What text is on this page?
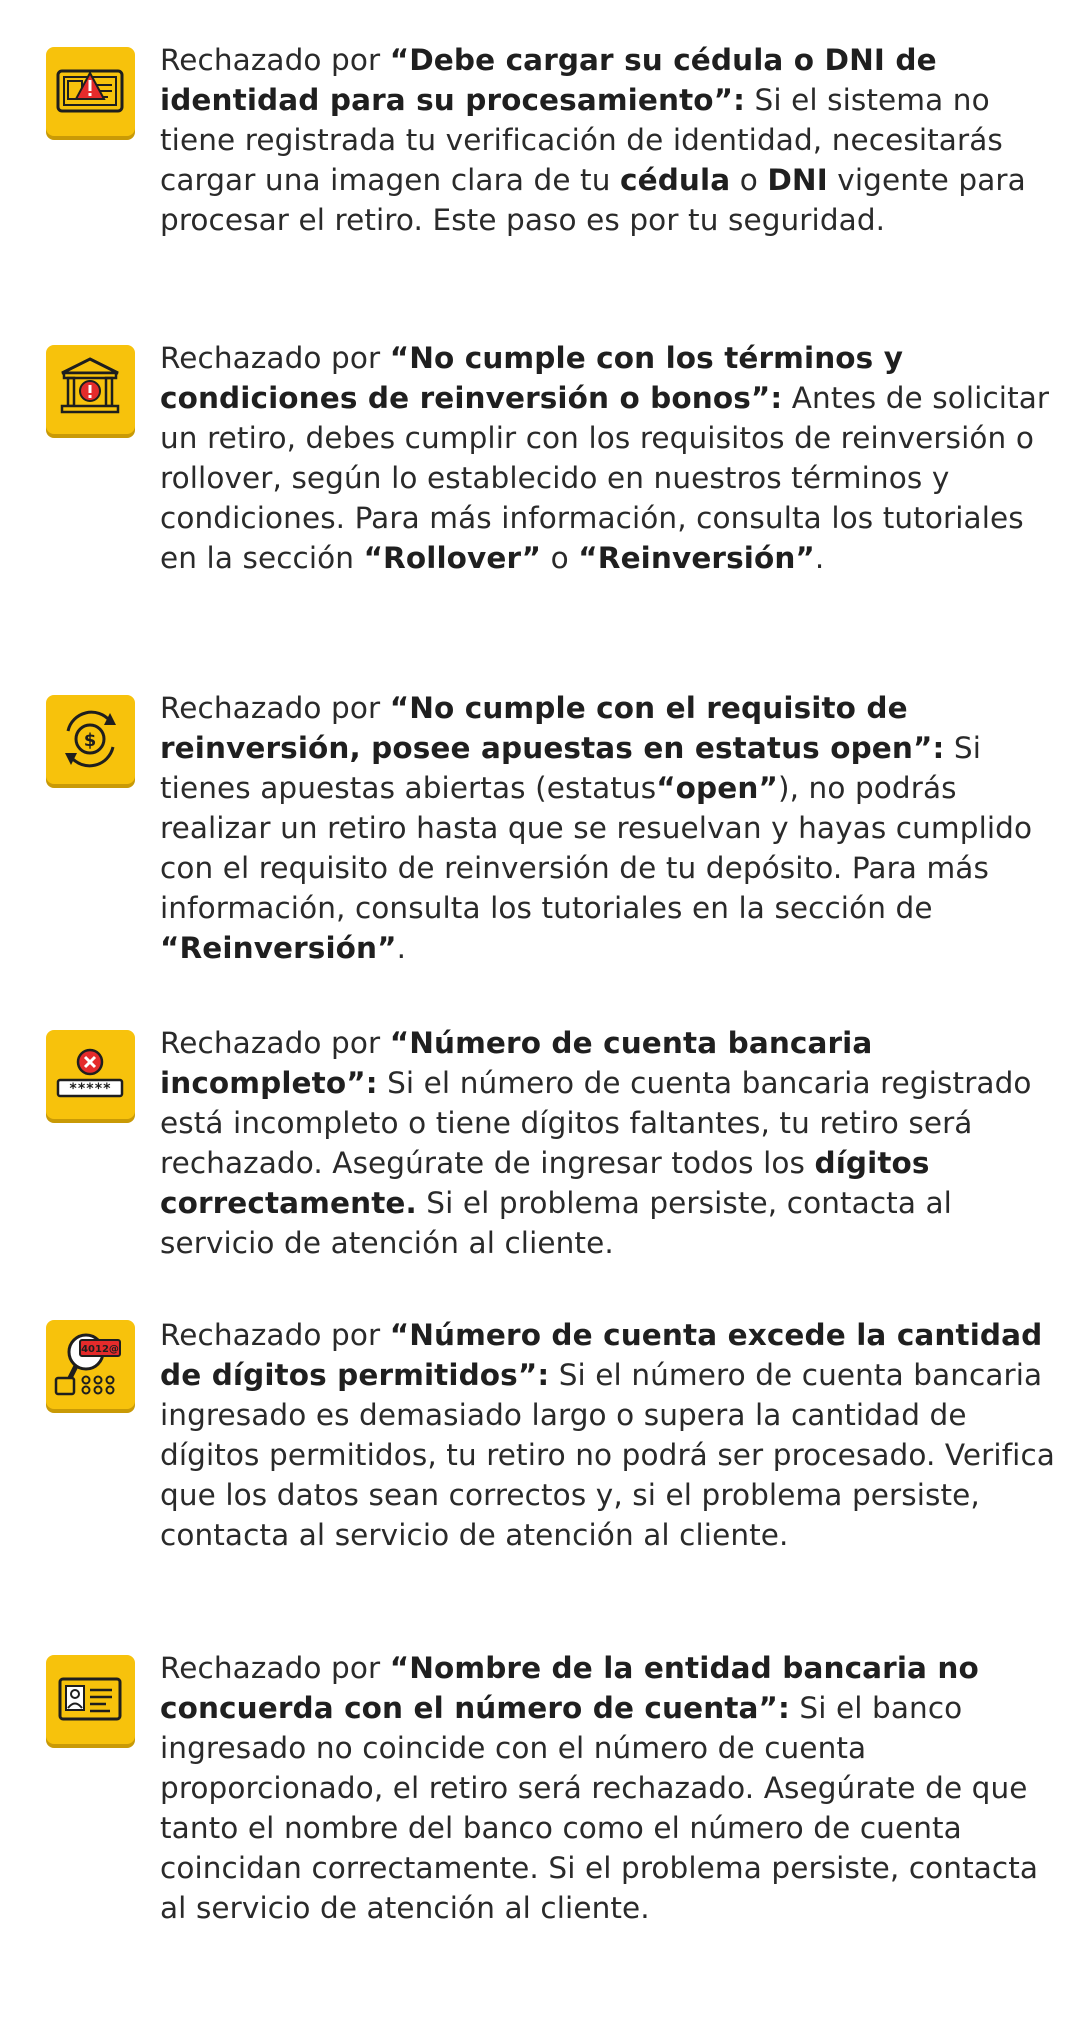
Rechazado por “Debe cargar su cédula o DNI de identidad para su procesamiento”: Si el sistema no tiene registrada tu verificación de identidad, necesitarás cargar una imagen clara de tu cédula o DNI vigente para procesar el retiro. Este paso es por tu seguridad.
Rechazado por “No cumple con los términos y condiciones de reinversión o bonos”: Antes de solicitar un retiro, debes cumplir con los requisitos de reinversión o rollover, según lo establecido en nuestros términos y condiciones. Para más información, consulta los tutoriales en la sección “Rollover” o “Reinversión”.
$
Rechazado por “No cumple con el requisito de reinversión, posee apuestas en estatus open”: Si tienes apuestas abiertas (estatus“open”), no podrás realizar un retiro hasta que se resuelvan y hayas cumplido con el requisito de reinversión de tu depósito. Para más información, consulta los tutoriales en la sección de “Reinversión”.
*****
Rechazado por “Número de cuenta bancaria incompleto”: Si el número de cuenta bancaria registrado está incompleto o tiene dígitos faltantes, tu retiro será rechazado. Asegúrate de ingresar todos los dígitos correctamente. Si el problema persiste, contacta al servicio de atención al cliente.
4012@ Rechazado por “Número de cuenta excede la cantidad de dígitos permitidos”: Si el número de cuenta bancaria ingresado es demasiado largo o supera la cantidad de dígitos permitidos, tu retiro no podrá ser procesado. Verifica que los datos sean correctos y, si el problema persiste, contacta al servicio de atención al cliente.
Rechazado por “Nombre de la entidad bancaria no concuerda con el número de cuenta”: Si el banco ingresado no coincide con el número de cuenta proporcionado, el retiro será rechazado. Asegúrate de que tanto el nombre del banco como el número de cuenta coincidan correctamente. Si el problema persiste, contacta al servicio de atención al cliente.
